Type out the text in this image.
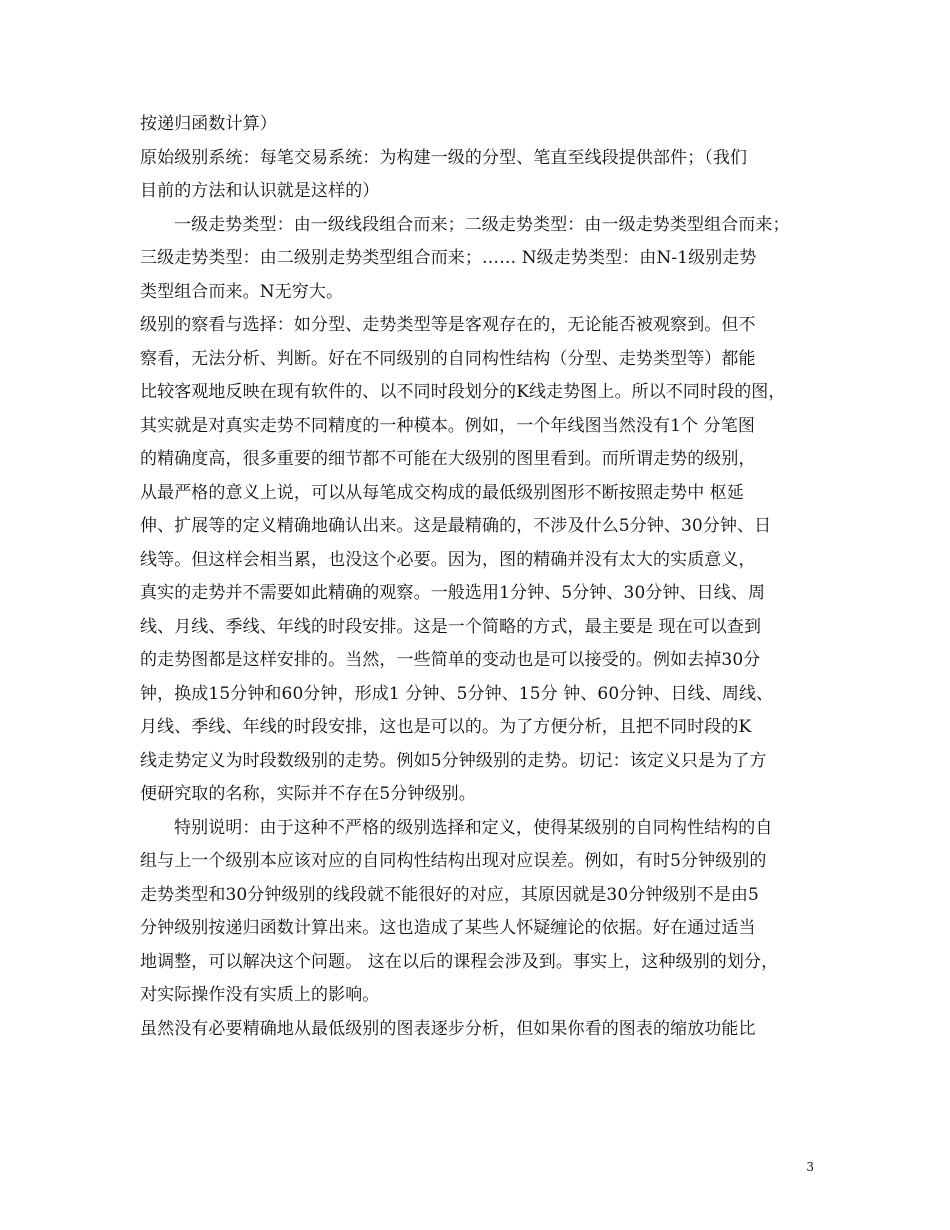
按递归函数计算）
原始级别系统：每笔交易系统：为构建一级的分型、笔直至线段提供部件；（我们
目前的方法和认识就是这样的）
一级走势类型：由一级线段组合而来；二级走势类型：由一级走势类型组合而来；
三级走势类型：由二级别走势类型组合而来；…… N级走势类型：由N-1级别走势
类型组合而来。N无穷大。
级别的察看与选择：如分型、走势类型等是客观存在的，无论能否被观察到。但不
察看，无法分析、判断。好在不同级别的自同构性结构（分型、走势类型等）都能
比较客观地反映在现有软件的、以不同时段划分的K线走势图上。所以不同时段的图，
其实就是对真实走势不同精度的一种模本。例如，一个年线图当然没有1个 分笔图
的精确度高，很多重要的细节都不可能在大级别的图里看到。而所谓走势的级别，
从最严格的意义上说，可以从每笔成交构成的最低级别图形不断按照走势中 枢延
伸、扩展等的定义精确地确认出来。这是最精确的，不涉及什么5分钟、30分钟、日
线等。但这样会相当累，也没这个必要。因为，图的精确并没有太大的实质意义，
真实的走势并不需要如此精确的观察。一般选用1分钟、5分钟、30分钟、日线、周
线、月线、季线、年线的时段安排。这是一个简略的方式，最主要是 现在可以查到
的走势图都是这样安排的。当然，一些简单的变动也是可以接受的。例如去掉30分
钟，换成15分钟和60分钟，形成1 分钟、5分钟、15分 钟、60分钟、日线、周线、
月线、季线、年线的时段安排，这也是可以的。为了方便分析，且把不同时段的K
线走势定义为时段数级别的走势。例如5分钟级别的走势。切记：该定义只是为了方
便研究取的名称，实际并不存在5分钟级别。
特别说明：由于这种不严格的级别选择和定义，使得某级别的自同构性结构的自
组与上一个级别本应该对应的自同构性结构出现对应误差。例如，有时5分钟级别的
走势类型和30分钟级别的线段就不能很好的对应，其原因就是30分钟级别不是由5
分钟级别按递归函数计算出来。这也造成了某些人怀疑缠论的依据。好在通过适当
地调整，可以解决这个问题。 这在以后的课程会涉及到。事实上，这种级别的划分，
对实际操作没有实质上的影响。
虽然没有必要精确地从最低级别的图表逐步分析，但如果你看的图表的缩放功能比
3
